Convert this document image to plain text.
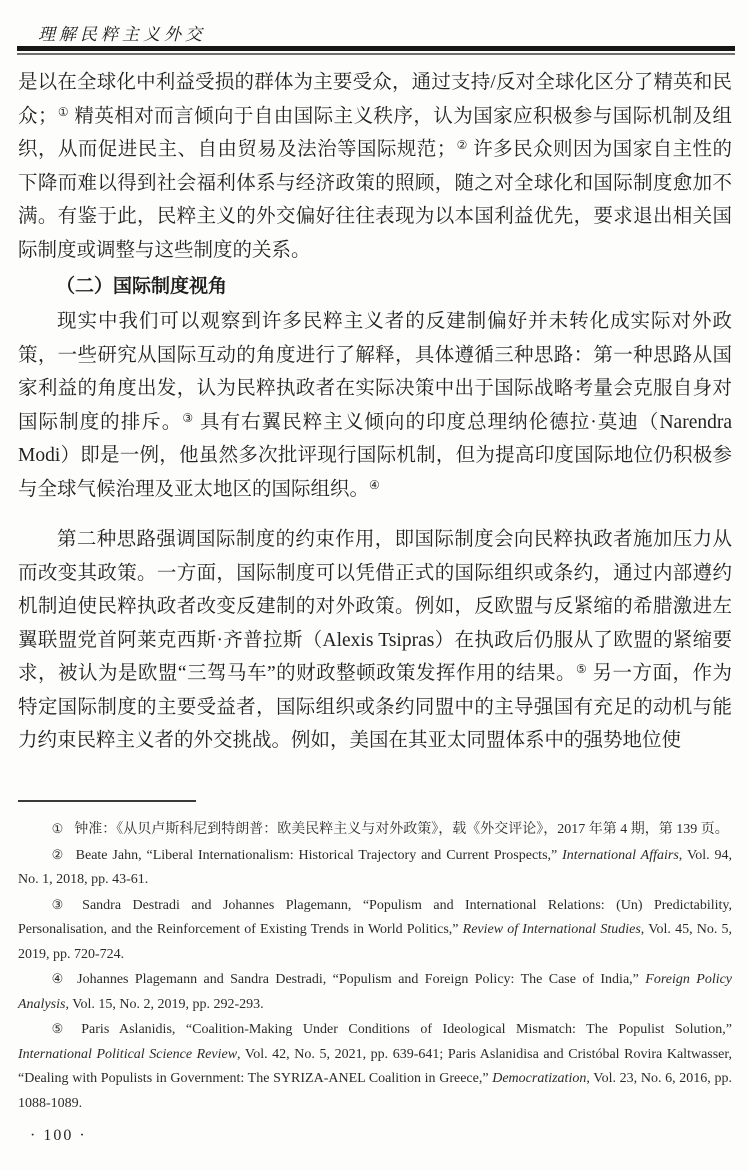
理解民粹主义外交

是以在全球化中利益受损的群体为主要受众，通过支持/反对全球化区分了精英和民众；① 精英相对而言倾向于自由国际主义秩序，认为国家应积极参与国际机制及组织，从而促进民主、自由贸易及法治等国际规范；② 许多民众则因为国家自主性的下降而难以得到社会福利体系与经济政策的照顾，随之对全球化和国际制度愈加不满。有鉴于此，民粹主义的外交偏好往往表现为以本国利益优先，要求退出相关国际制度或调整与这些制度的关系。

（二）国际制度视角

现实中我们可以观察到许多民粹主义者的反建制偏好并未转化成实际对外政策，一些研究从国际互动的角度进行了解释，具体遵循三种思路：第一种思路从国家利益的角度出发，认为民粹执政者在实际决策中出于国际战略考量会克服自身对国际制度的排斥。③ 具有右翼民粹主义倾向的印度总理纳伦德拉·莫迪（Narendra Modi）即是一例，他虽然多次批评现行国际机制，但为提高印度国际地位仍积极参与全球气候治理及亚太地区的国际组织。④

第二种思路强调国际制度的约束作用，即国际制度会向民粹执政者施加压力从而改变其政策。一方面，国际制度可以凭借正式的国际组织或条约，通过内部遵约机制迫使民粹执政者改变反建制的对外政策。例如，反欧盟与反紧缩的希腊激进左翼联盟党首阿莱克西斯·齐普拉斯（Alexis Tsipras）在执政后仍服从了欧盟的紧缩要求，被认为是欧盟“三驾马车”的财政整顿政策发挥作用的结果。⑤ 另一方面，作为特定国际制度的主要受益者，国际组织或条约同盟中的主导强国有充足的动机与能力约束民粹主义者的外交挑战。例如，美国在其亚太同盟体系中的强势地位使

① 钟准：《从贝卢斯科尼到特朗普：欧美民粹主义与对外政策》，载《外交评论》，2017 年第 4 期，第 139 页。

② Beate Jahn, “Liberal Internationalism: Historical Trajectory and Current Prospects,” International Affairs, Vol. 94, No. 1, 2018, pp. 43-61.

③ Sandra Destradi and Johannes Plagemann, “Populism and International Relations: (Un) Predictability, Personalisation, and the Reinforcement of Existing Trends in World Politics,” Review of International Studies, Vol. 45, No. 5, 2019, pp. 720-724.

④ Johannes Plagemann and Sandra Destradi, “Populism and Foreign Policy: The Case of India,” Foreign Policy Analysis, Vol. 15, No. 2, 2019, pp. 292-293.

⑤ Paris Aslanidis, “Coalition-Making Under Conditions of Ideological Mismatch: The Populist Solution,” International Political Science Review, Vol. 42, No. 5, 2021, pp. 639-641; Paris Aslanidisa and Cristóbal Rovira Kaltwasser, “Dealing with Populists in Government: The SYRIZA-ANEL Coalition in Greece,” Democratization, Vol. 23, No. 6, 2016, pp. 1088-1089.

· 100 ·
